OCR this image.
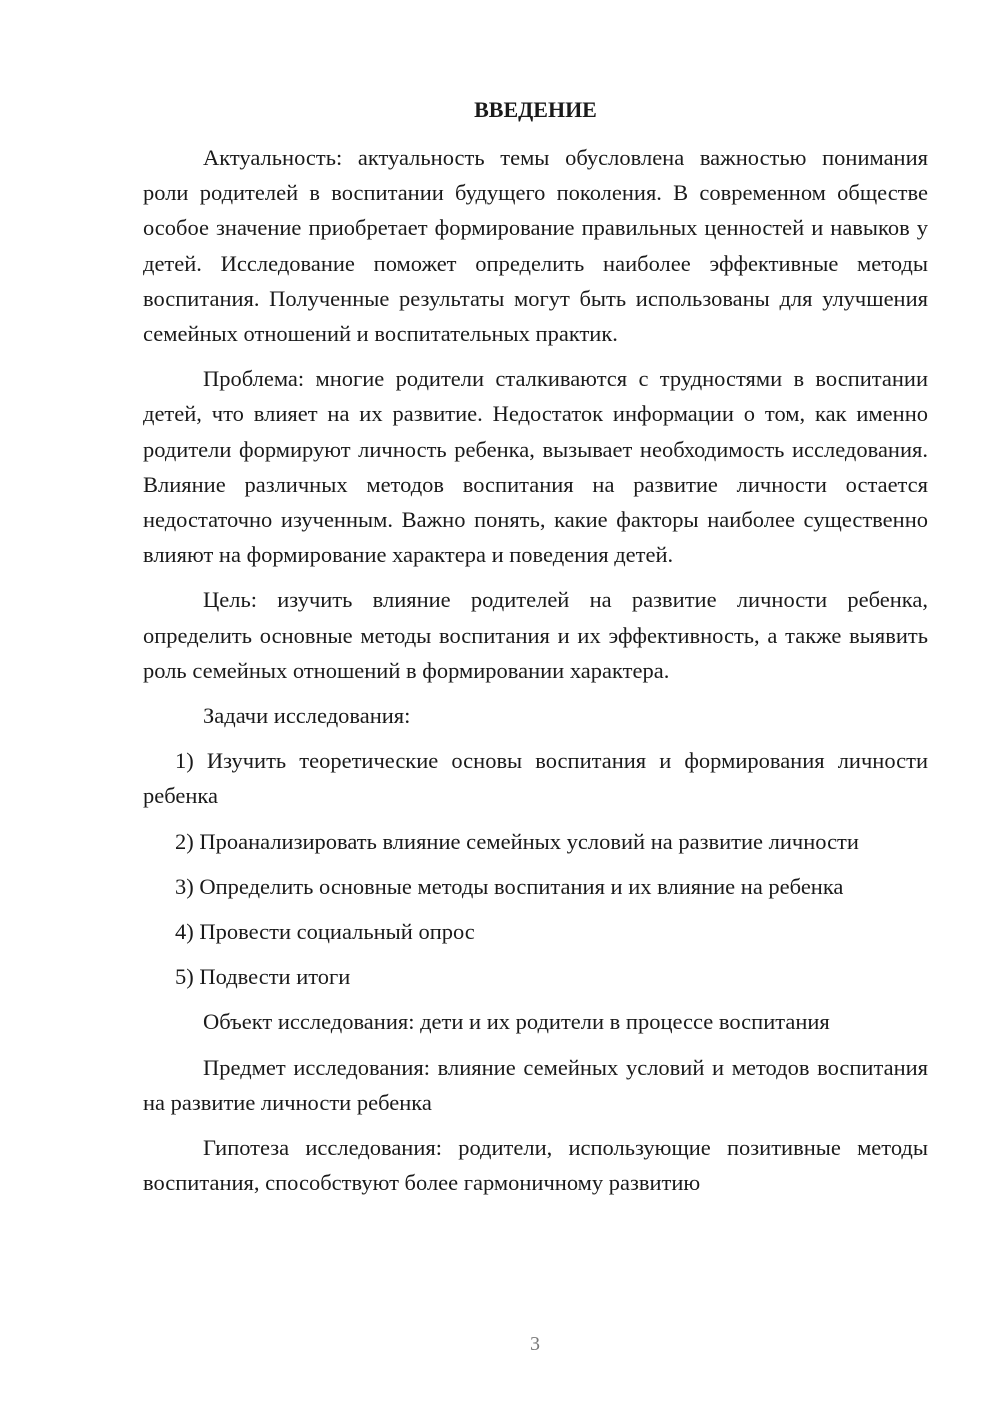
ВВЕДЕНИЕ

Актуальность: актуальность темы обусловлена важностью понимания роли родителей в воспитании будущего поколения. В современном обществе особое значение приобретает формирование правильных ценностей и навыков у детей. Исследование поможет определить наиболее эффективные методы воспитания. Полученные результаты могут быть использованы для улучшения семейных отношений и воспитательных практик.

Проблема: многие родители сталкиваются с трудностями в воспитании детей, что влияет на их развитие. Недостаток информации о том, как именно родители формируют личность ребенка, вызывает необходимость исследования. Влияние различных методов воспитания на развитие личности остается недостаточно изученным. Важно понять, какие факторы наиболее существенно влияют на формирование характера и поведения детей.

Цель: изучить влияние родителей на развитие личности ребенка, определить основные методы воспитания и их эффективность, а также выявить роль семейных отношений в формировании характера.

Задачи исследования:

1) Изучить теоретические основы воспитания и формирования личности ребенка

2) Проанализировать влияние семейных условий на развитие личности

3) Определить основные методы воспитания и их влияние на ребенка

4) Провести социальный опрос

5) Подвести итоги

Объект исследования: дети и их родители в процессе воспитания

Предмет исследования: влияние семейных условий и методов воспитания на развитие личности ребенка

Гипотеза исследования: родители, использующие позитивные методы воспитания, способствуют более гармоничному развитию

3
